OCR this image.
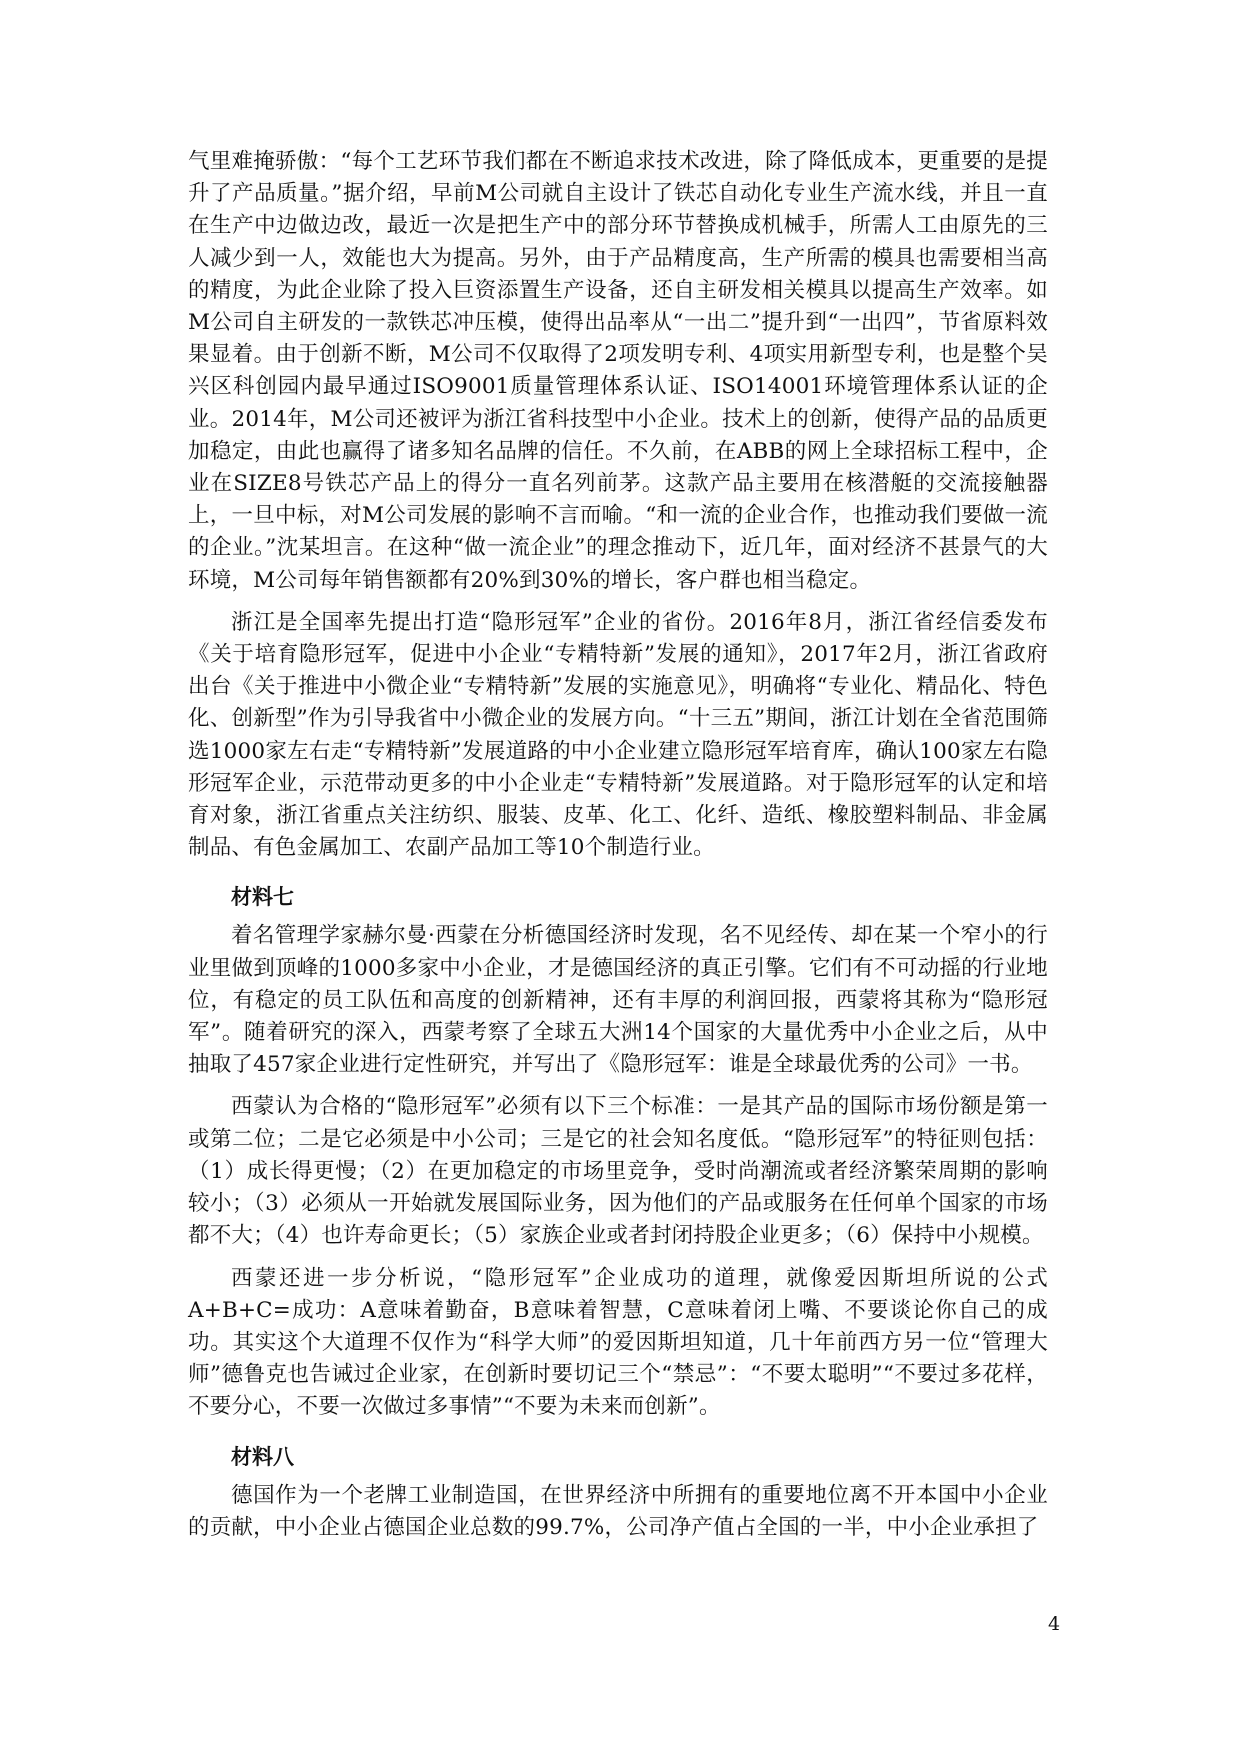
气里难掩骄傲：“每个工艺环节我们都在不断追求技术改进，除了降低成本，更重要的是提升了产品质量。”据介绍，早前M公司就自主设计了铁芯自动化专业生产流水线，并且一直在生产中边做边改，最近一次是把生产中的部分环节替换成机械手，所需人工由原先的三人减少到一人，效能也大为提高。另外，由于产品精度高，生产所需的模具也需要相当高的精度，为此企业除了投入巨资添置生产设备，还自主研发相关模具以提高生产效率。如M公司自主研发的一款铁芯冲压模，使得出品率从“一出二”提升到“一出四”，节省原料效果显着。由于创新不断，M公司不仅取得了2项发明专利、4项实用新型专利，也是整个吴兴区科创园内最早通过ISO9001质量管理体系认证、ISO14001环境管理体系认证的企业。2014年，M公司还被评为浙江省科技型中小企业。技术上的创新，使得产品的品质更加稳定，由此也赢得了诸多知名品牌的信任。不久前，在ABB的网上全球招标工程中，企业在SIZE8号铁芯产品上的得分一直名列前茅。这款产品主要用在核潜艇的交流接触器上，一旦中标，对M公司发展的影响不言而喻。“和一流的企业合作，也推动我们要做一流的企业。”沈某坦言。在这种“做一流企业”的理念推动下，近几年，面对经济不甚景气的大环境，M公司每年销售额都有20%到30%的增长，客户群也相当稳定。

浙江是全国率先提出打造“隐形冠军”企业的省份。2016年8月，浙江省经信委发布《关于培育隐形冠军，促进中小企业“专精特新”发展的通知》，2017年2月，浙江省政府出台《关于推进中小微企业“专精特新”发展的实施意见》，明确将“专业化、精品化、特色化、创新型”作为引导我省中小微企业的发展方向。“十三五”期间，浙江计划在全省范围筛选1000家左右走“专精特新”发展道路的中小企业建立隐形冠军培育库，确认100家左右隐形冠军企业，示范带动更多的中小企业走“专精特新”发展道路。对于隐形冠军的认定和培育对象，浙江省重点关注纺织、服装、皮革、化工、化纤、造纸、橡胶塑料制品、非金属制品、有色金属加工、农副产品加工等10个制造行业。

材料七

着名管理学家赫尔曼·西蒙在分析德国经济时发现，名不见经传、却在某一个窄小的行业里做到顶峰的1000多家中小企业，才是德国经济的真正引擎。它们有不可动摇的行业地位，有稳定的员工队伍和高度的创新精神，还有丰厚的利润回报，西蒙将其称为“隐形冠军”。随着研究的深入，西蒙考察了全球五大洲14个国家的大量优秀中小企业之后，从中抽取了457家企业进行定性研究，并写出了《隐形冠军：谁是全球最优秀的公司》一书。

西蒙认为合格的“隐形冠军”必须有以下三个标准：一是其产品的国际市场份额是第一或第二位；二是它必须是中小公司；三是它的社会知名度低。“隐形冠军”的特征则包括：（1）成长得更慢；（2）在更加稳定的市场里竞争，受时尚潮流或者经济繁荣周期的影响较小；（3）必须从一开始就发展国际业务，因为他们的产品或服务在任何单个国家的市场都不大；（4）也许寿命更长；（5）家族企业或者封闭持股企业更多；（6）保持中小规模。

西蒙还进一步分析说，“隐形冠军”企业成功的道理，就像爱因斯坦所说的公式A+B+C=成功：A意味着勤奋，B意味着智慧，C意味着闭上嘴、不要谈论你自己的成功。其实这个大道理不仅作为“科学大师”的爱因斯坦知道，几十年前西方另一位“管理大师”德鲁克也告诫过企业家，在创新时要切记三个“禁忌”：“不要太聪明”“不要过多花样，不要分心，不要一次做过多事情”“不要为未来而创新”。

材料八

德国作为一个老牌工业制造国，在世界经济中所拥有的重要地位离不开本国中小企业的贡献，中小企业占德国企业总数的99.7%，公司净产值占全国的一半，中小企业承担了

4
